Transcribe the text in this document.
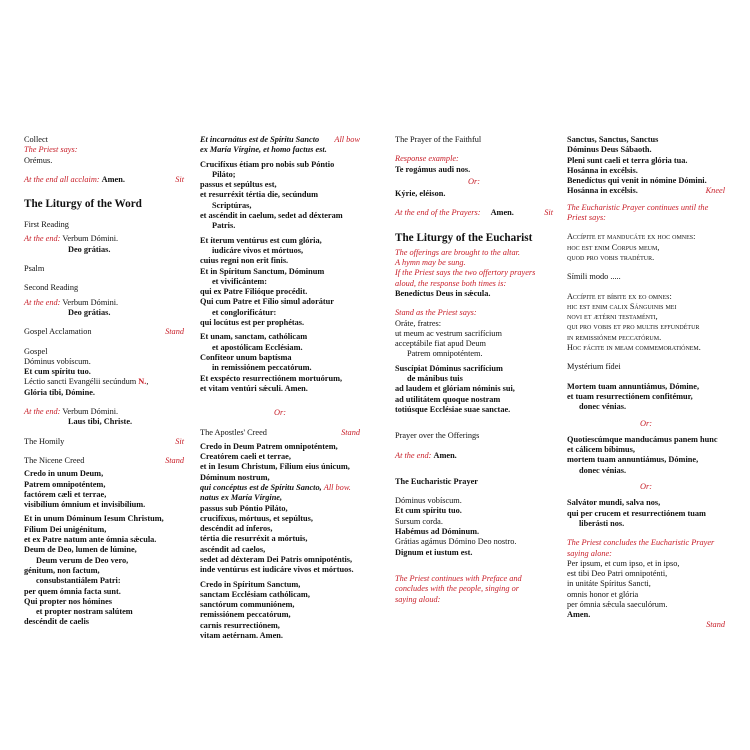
Collect
The Priest says:
Orémus.
At the end all acclaim: Amen.	Sit
The Liturgy of the Word
First Reading
At the end: Verbum Dómini.
Deo grátias.
Psalm
Second Reading
At the end: Verbum Dómini.
Deo grátias.
Gospel Acclamation	Stand
Gospel
Dóminus vobíscum.
Et cum spíritu tuo.
Léctio sancti Evangélii secúndum N.,
Glória tibi, Dómine.
At the end: Verbum Dómini.
Laus tibi, Christe.
The Homily	Sit
The Nicene Creed	Stand
Credo in unum Deum,
Patrem omnipoténtem,
factórem cæli et terrae,
visibílium ómnium et invisibílium.
Et in unum Dóminum Iesum Christum,
Fílium Dei unigénitum,
et ex Patre natum ante ómnia sǽcula.
Deum de Deo, lumen de lúmine,
Deum verum de Deo vero,
génitum, non factum,
consubstantiálem Patri:
per quem ómnia facta sunt.
Qui propter nos hómines
et propter nostram salútem
descéndit de caelis
Et incarnátus est de Spíritu Sancto All bow
ex María Vírgine, et homo factus est.
Crucifíxus étiam pro nobis sub Póntio
Piláto;
passus et sepúltus est,
et resurréxit tértia die, secúndum
Scriptúras,
et ascéndit in caelum, sedet ad déxteram
Patris.
Et íterum ventúrus est cum glória,
iudicáre vivos et mórtuos,
cuius regni non erit finis.
Et in Spíritum Sanctum, Dóminum
et vivificántem:
qui ex Patre Filióque procédit.
Qui cum Patre et Fílio simul adorátur
et conglorificátur:
qui locútus est per prophétas.
Et unam, sanctam, cathólicam
et apostólicam Ecclésiam.
Confíteor unum baptísma
in remissiónem peccatórum.
Et exspécto resurrectiónem mortuórum,
et vitam ventúri sǽculi. Amen.
Or:
The Apostles' Creed	Stand
Credo in Deum Patrem omnipoténtem,
Creatórem caeli et terrae,
et in Iesum Christum, Fílium eius únicum,
Dóminum nostrum,
qui concéptus est de Spíritu Sancto, All bow.
natus ex María Vírgine,
passus sub Póntio Piláto,
crucifíxus, mórtuus, et sepúltus,
descéndit ad ínferos,
tértia die resurréxit a mórtuis,
ascéndit ad caelos,
sedet ad déxteram Dei Patris omnipoténtis,
inde ventúrus est iudicáre vivos et mórtuos.
Credo in Spíritum Sanctum,
sanctam Ecclésiam cathólicam,
sanctórum communiónem,
remissiónem peccatórum,
carnis resurrectiónem,
vitam aetérnam. Amen.
The Prayer of the Faithful
Response example:
Te rogámus audi nos.
Or:
Kýrie, eléison.
At the end of the Prayers: Amen.	Sit
The Liturgy of the Eucharist
The offerings are brought to the altar.
A hymn may be sung.
If the Priest says the two offertory prayers
aloud, the response both times is:
Benedíctus Deus in sǽcula.
Stand as the Priest says:
Oráte, fratres:
ut meum ac vestrum sacrifícium
acceptábile fiat apud Deum
Patrem omnipoténtem.
Suscípiat Dóminus sacrifícium
de mánibus tuis
ad laudem et glóriam nóminis sui,
ad utilitátem quoque nostram
totiúsque Ecclésiae suae sanctae.
Prayer over the Offerings
At the end: Amen.
The Eucharistic Prayer
Dóminus vobíscum.
Et cum spíritu tuo.
Sursum corda.
Habémus ad Dóminum.
Grátias agámus Dómino Deo nostro.
Dignum et iustum est.
The Priest continues with Preface and
concludes with the people, singing or
saying aloud:
Sanctus, Sanctus, Sanctus
Dóminus Deus Sábaoth.
Pleni sunt caeli et terra glória tua.
Hosánna in excélsis.
Benedíctus qui venit in nómine Dómini.
Hosánna in excélsis.	Kneel
The Eucharistic Prayer continues until the
Priest says:
Accípite et manducáte ex hoc omnes:
hoc est enim Corpus meum,
quod pro vobis tradétur.
Símili modo .....
Accípite et bíbite ex eo omnes:
hic est enim calix Sánguinis mei
novi et ætérni testaménti,
qui pro vobis et pro multis effundétur
in remissiónem peccatórum.
Hoc fácite in meam commemoratiónem.
Mystérium fídei
Mortem tuam annuntiámus, Dómine,
et tuam resurrectiónem confitémur,
donec vénias.
Or:
Quotiescúmque manducámus panem hunc
et cálicem bíbimus,
mortem tuam annuntiámus, Dómine,
donec vénias.
Or:
Salvátor mundi, salva nos,
qui per crucem et resurrectiónem tuam
liberásti nos.
The Priest concludes the Eucharistic Prayer
saying alone:
Per ipsum, et cum ipso, et in ipso,
est tibi Deo Patri omnipoténti,
in unitáte Spíritus Sancti,
omnis honor et glória
per ómnia sǽcula saeculórum.
Amen.
Stand
